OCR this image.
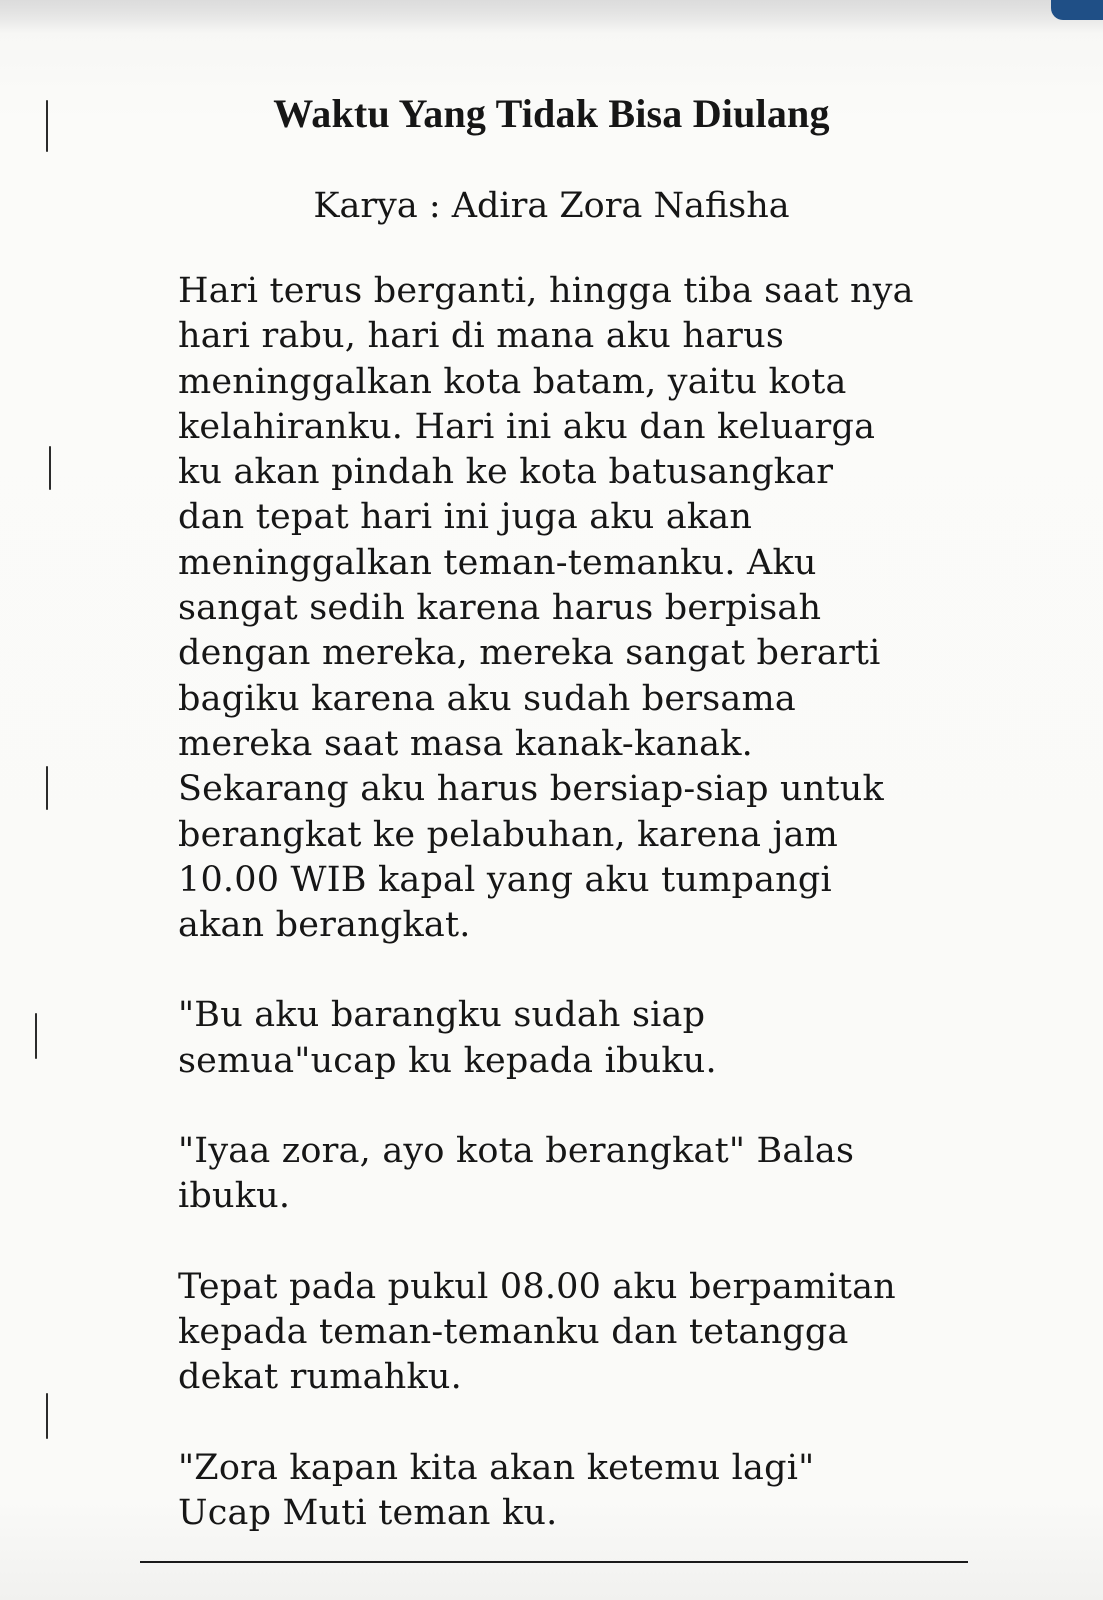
Waktu Yang Tidak Bisa Diulang

Karya : Adira Zora Nafisha

Hari terus berganti, hingga tiba saat nya
hari rabu, hari di mana aku harus
meninggalkan kota batam, yaitu kota
kelahiranku. Hari ini aku dan keluarga
ku akan pindah ke kota batusangkar
dan tepat hari ini juga aku akan
meninggalkan teman-temanku. Aku
sangat sedih karena harus berpisah
dengan mereka, mereka sangat berarti
bagiku karena aku sudah bersama
mereka saat masa kanak-kanak.
Sekarang aku harus bersiap-siap untuk
berangkat ke pelabuhan, karena jam
10.00 WIB kapal yang aku tumpangi
akan berangkat.

"Bu aku barangku sudah siap
semua"ucap ku kepada ibuku.

"Iyaa zora, ayo kota berangkat" Balas
ibuku.

Tepat pada pukul 08.00 aku berpamitan
kepada teman-temanku dan tetangga
dekat rumahku.

"Zora kapan kita akan ketemu lagi"
Ucap Muti teman ku.
